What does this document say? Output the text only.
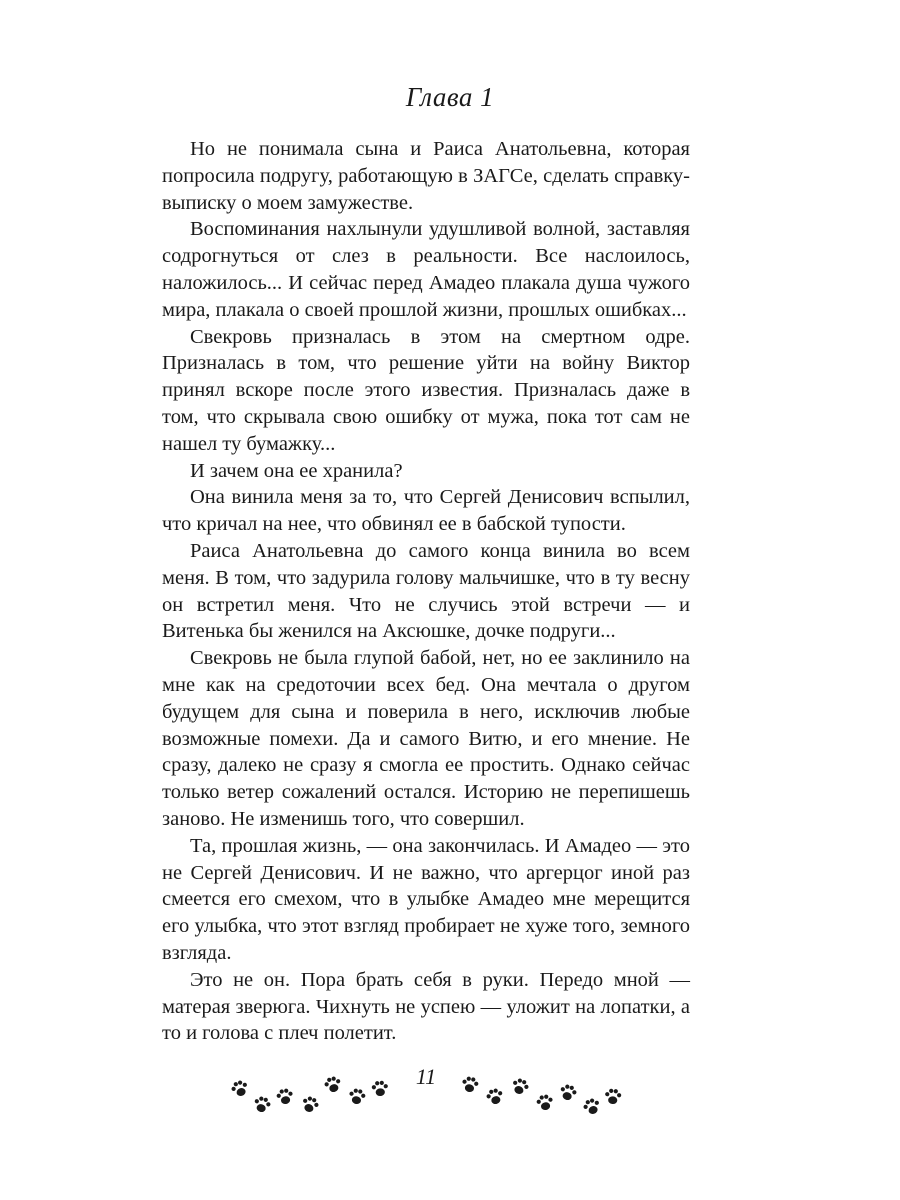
Глава 1

Но не понимала сына и Раиса Анатольевна, которая попросила подругу, работающую в ЗАГСе, сделать справку-выписку о моем замужестве.

Воспоминания нахлынули удушливой волной, заставляя содрогнуться от слез в реальности. Все наслоилось, наложилось... И сейчас перед Амадео плакала душа чужого мира, плакала о своей прошлой жизни, прошлых ошибках...

Свекровь призналась в этом на смертном одре. Призналась в том, что решение уйти на войну Виктор принял вскоре после этого известия. Призналась даже в том, что скрывала свою ошибку от мужа, пока тот сам не нашел ту бумажку...

И зачем она ее хранила?

Она винила меня за то, что Сергей Денисович вспылил, что кричал на нее, что обвинял ее в бабской тупости.

Раиса Анатольевна до самого конца винила во всем меня. В том, что задурила голову мальчишке, что в ту весну он встретил меня. Что не случись этой встречи — и Витенька бы женился на Аксюшке, дочке подруги...

Свекровь не была глупой бабой, нет, но ее заклинило на мне как на средоточии всех бед. Она мечтала о другом будущем для сына и поверила в него, исключив любые возможные помехи. Да и самого Витю, и его мнение. Не сразу, далеко не сразу я смогла ее простить. Однако сейчас только ветер сожалений остался. Историю не перепишешь заново. Не изменишь того, что совершил.

Та, прошлая жизнь, — она закончилась. И Амадео — это не Сергей Денисович. И не важно, что аргерцог иной раз смеется его смехом, что в улыбке Амадео мне мерещится его улыбка, что этот взгляд пробирает не хуже того, земного взгляда.

Это не он. Пора брать себя в руки. Передо мной — матерая зверюга. Чихнуть не успею — уложит на лопатки, а то и голова с плеч полетит.

11
